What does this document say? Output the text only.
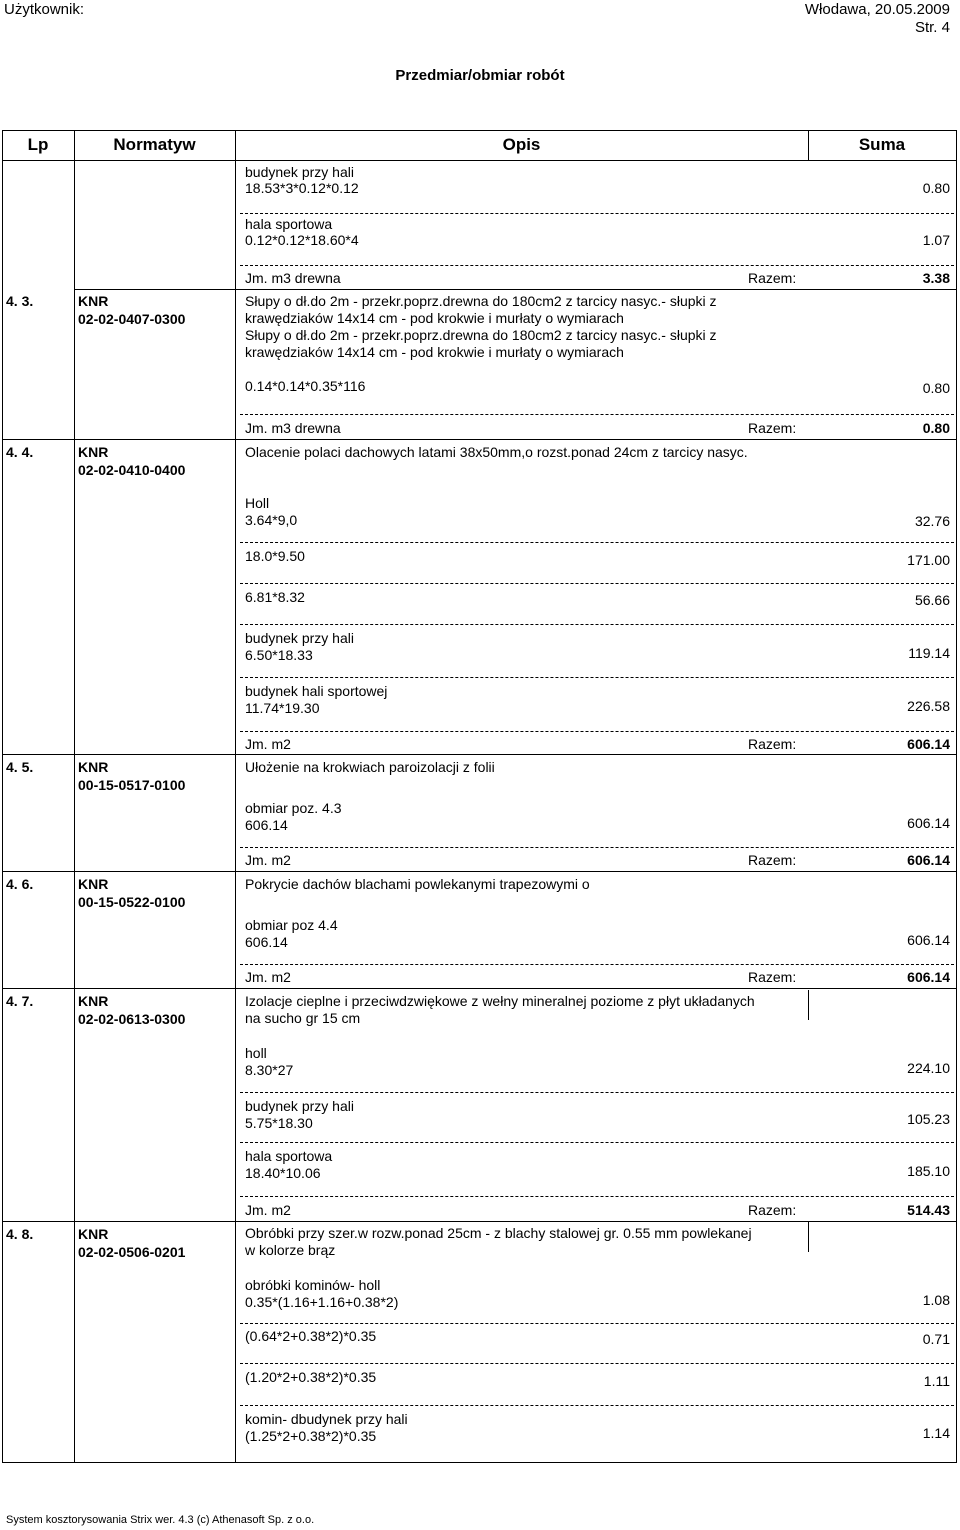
Użytkownik:	Włodawa, 20.05.2009
Str. 4
Przedmiar/obmiar robót
Lp	Normatyw	Opis	Suma
budynek przy hali
18.53*3*0.12*0.12	0.80
hala sportowa
0.12*0.12*18.60*4	1.07
Jm. m3 drewna	Razem:	3.38
4. 3.	KNR
02-02-0407-0300
Słupy o dł.do 2m - przekr.poprz.drewna do 180cm2 z tarcicy nasyc.- słupki z
krawędziaków 14x14 cm - pod krokwie i murłaty o wymiarach
Słupy o dł.do 2m - przekr.poprz.drewna do 180cm2 z tarcicy nasyc.- słupki z
krawędziaków 14x14 cm - pod krokwie i murłaty o wymiarach
0.14*0.14*0.35*116	0.80
Jm. m3 drewna	Razem:	0.80
4. 4.	KNR
02-02-0410-0400
Olacenie polaci dachowych latami 38x50mm,o rozst.ponad 24cm z tarcicy nasyc.
Holl
3.64*9,0	32.76
18.0*9.50	171.00
6.81*8.32	56.66
budynek przy hali
6.50*18.33	119.14
budynek hali sportowej
11.74*19.30	226.58
Jm. m2	Razem:	606.14
4. 5.	KNR
00-15-0517-0100
Ułożenie na krokwiach paroizolacji z folii
obmiar poz. 4.3
606.14	606.14
Jm. m2	Razem:	606.14
4. 6.	KNR
00-15-0522-0100
Pokrycie dachów blachami powlekanymi trapezowymi o
obmiar poz 4.4
606.14	606.14
Jm. m2	Razem:	606.14
4. 7.	KNR
02-02-0613-0300
Izolacje cieplne i przeciwdzwiękowe z wełny mineralnej poziome z płyt układanych
na sucho gr 15 cm
holl
8.30*27	224.10
budynek przy hali
5.75*18.30	105.23
hala sportowa
18.40*10.06	185.10
Jm. m2	Razem:	514.43
4. 8.	KNR
02-02-0506-0201
Obróbki przy szer.w rozw.ponad 25cm - z blachy stalowej gr. 0.55 mm powlekanej
w kolorze brąz
obróbki kominów- holl
0.35*(1.16+1.16+0.38*2)	1.08
(0.64*2+0.38*2)*0.35	0.71
(1.20*2+0.38*2)*0.35	1.11
komin- dbudynek przy hali
(1.25*2+0.38*2)*0.35	1.14
System kosztorysowania Strix wer. 4.3 (c) Athenasoft Sp. z o.o.
